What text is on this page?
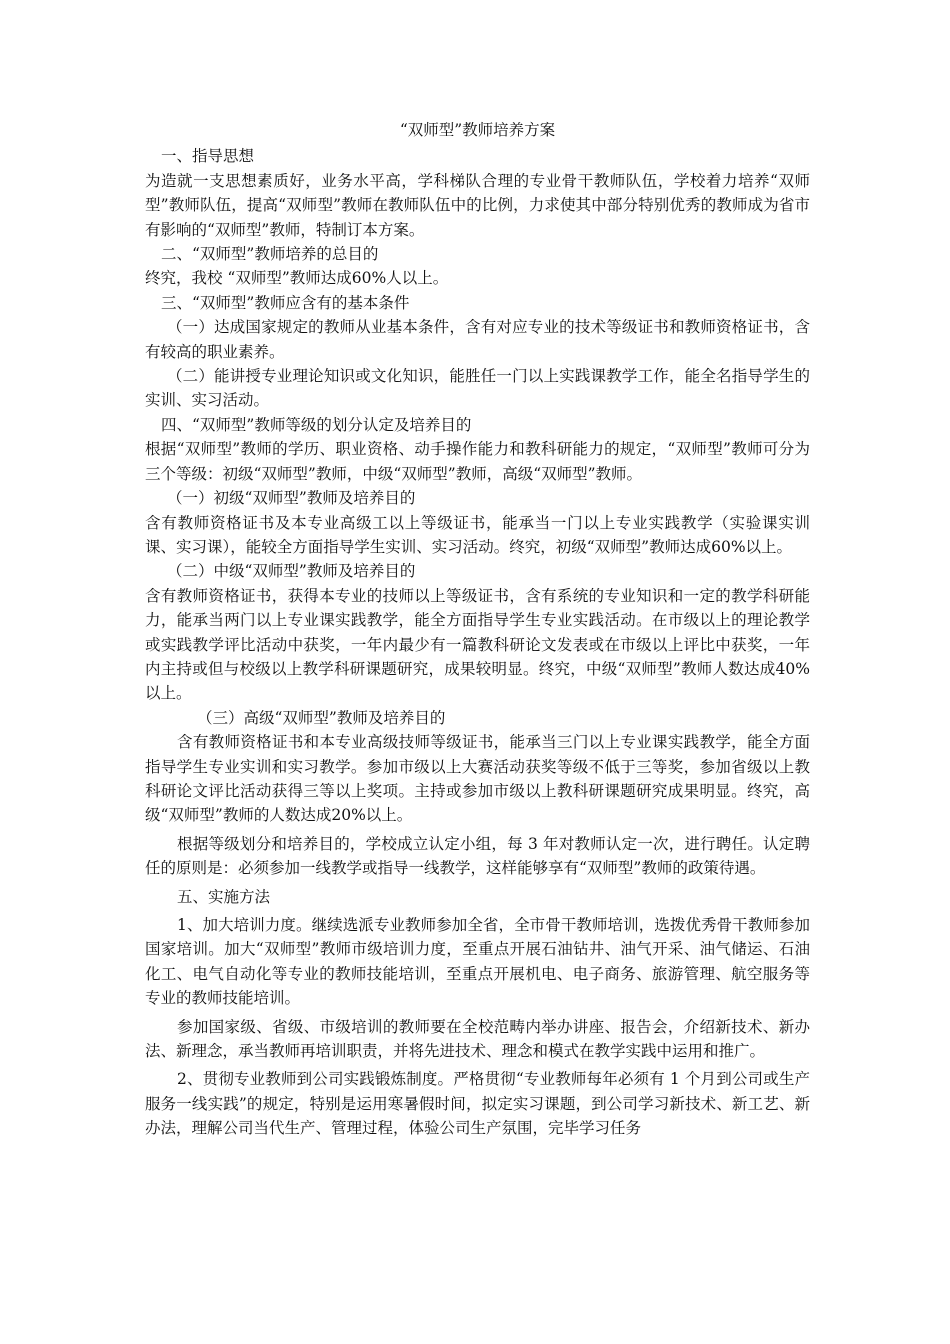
“双师型”教师培养方案

一、指导思想

为造就一支思想素质好，业务水平高，学科梯队合理的专业骨干教师队伍，学校着力培养“双师型”教师队伍，提高“双师型”教师在教师队伍中的比例，力求使其中部分特别优秀的教师成为省市有影响的“双师型”教师，特制订本方案。

二、“双师型”教师培养的总目的

终究，我校 “双师型”教师达成60%人以上。

三、“双师型”教师应含有的基本条件

（一）达成国家规定的教师从业基本条件，含有对应专业的技术等级证书和教师资格证书，含有较高的职业素养。

（二）能讲授专业理论知识或文化知识，能胜任一门以上实践课教学工作，能全名指导学生的实训、实习活动。

四、“双师型”教师等级的划分认定及培养目的

根据“双师型”教师的学历、职业资格、动手操作能力和教科研能力的规定，“双师型”教师可分为三个等级：初级“双师型”教师，中级“双师型”教师，高级“双师型”教师。

（一）初级“双师型”教师及培养目的

含有教师资格证书及本专业高级工以上等级证书，能承当一门以上专业实践教学（实验课实训课、实习课），能较全方面指导学生实训、实习活动。终究，初级“双师型”教师达成60%以上。

（二）中级“双师型”教师及培养目的

含有教师资格证书，获得本专业的技师以上等级证书，含有系统的专业知识和一定的教学科研能力，能承当两门以上专业课实践教学，能全方面指导学生专业实践活动。在市级以上的理论教学或实践教学评比活动中获奖，一年内最少有一篇教科研论文发表或在市级以上评比中获奖，一年内主持或但与校级以上教学科研课题研究，成果较明显。终究，中级“双师型”教师人数达成40%以上。

（三）高级“双师型”教师及培养目的

含有教师资格证书和本专业高级技师等级证书，能承当三门以上专业课实践教学，能全方面指导学生专业实训和实习教学。参加市级以上大赛活动获奖等级不低于三等奖，参加省级以上教科研论文评比活动获得三等以上奖项。主持或参加市级以上教科研课题研究成果明显。终究，高级“双师型”教师的人数达成20%以上。

根据等级划分和培养目的，学校成立认定小组，每 3 年对教师认定一次，进行聘任。认定聘任的原则是：必须参加一线教学或指导一线教学，这样能够享有“双师型”教师的政策待遇。

五、实施方法

1、加大培训力度。继续选派专业教师参加全省，全市骨干教师培训，选拨优秀骨干教师参加国家培训。加大“双师型”教师市级培训力度，至重点开展石油钻井、油气开采、油气储运、石油化工、电气自动化等专业的教师技能培训，至重点开展机电、电子商务、旅游管理、航空服务等专业的教师技能培训。

参加国家级、省级、市级培训的教师要在全校范畴内举办讲座、报告会，介绍新技术、新办法、新理念，承当教师再培训职责，并将先进技术、理念和模式在教学实践中运用和推广。

2、贯彻专业教师到公司实践锻炼制度。严格贯彻“专业教师每年必须有 1 个月到公司或生产服务一线实践”的规定，特别是运用寒暑假时间，拟定实习课题，到公司学习新技术、新工艺、新办法，理解公司当代生产、管理过程，体验公司生产氛围，完毕学习任务
